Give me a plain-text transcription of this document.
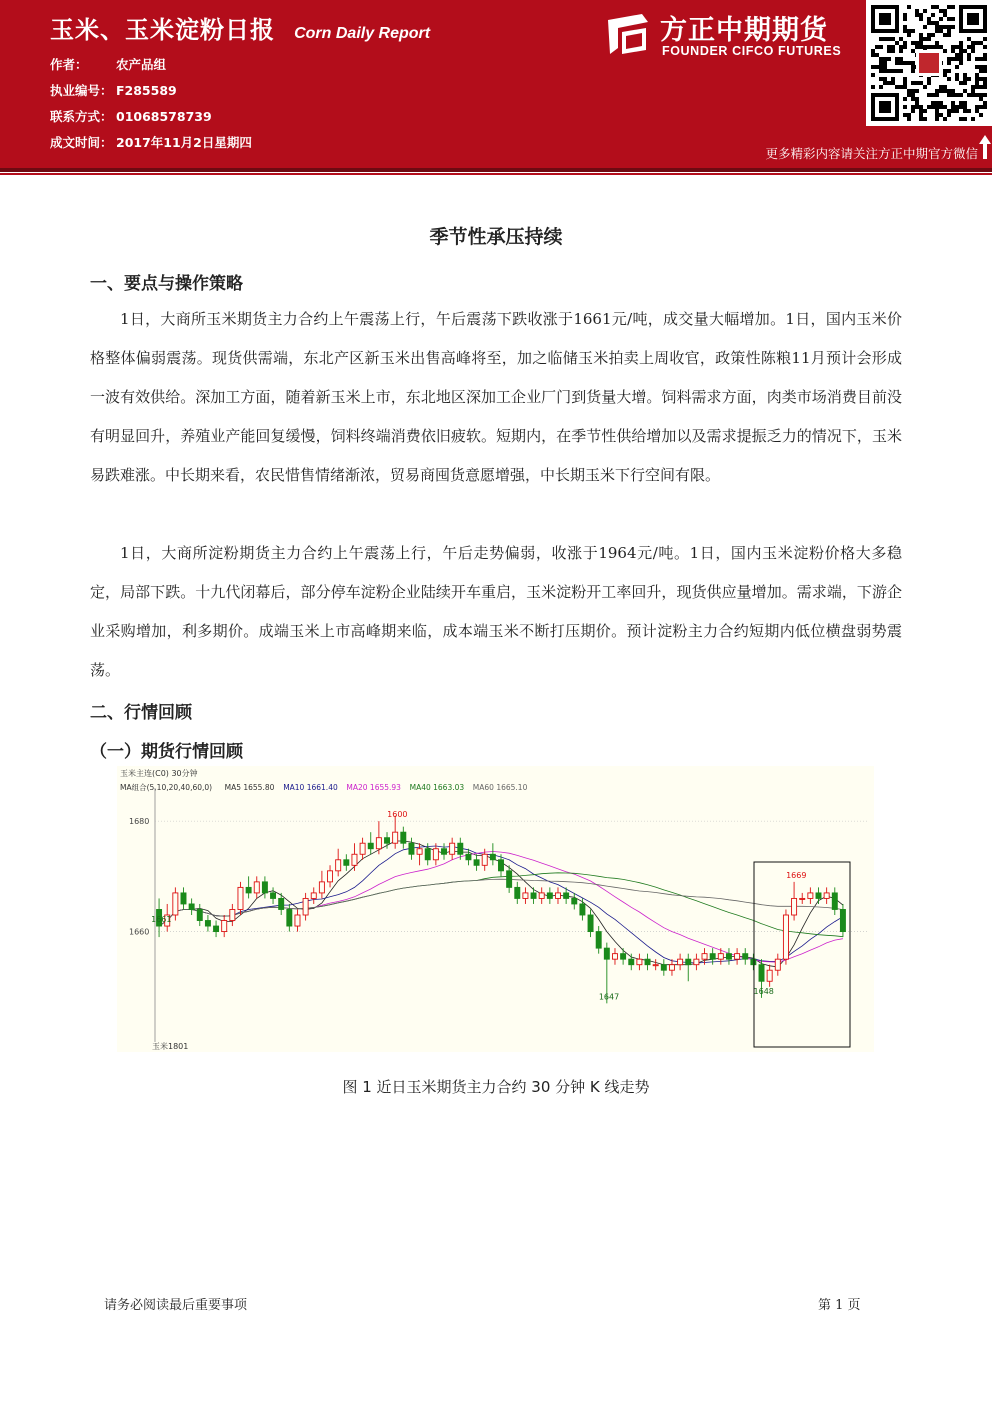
玉米、玉米淀粉日报 Corn Daily Report
作者： 农产品组
执业编号： F285589
联系方式： 01068578739
成文时间： 2017年11月2日星期四
方正中期期货
FOUNDER CIFCO FUTURES
更多精彩内容请关注方正中期官方微信
季节性承压持续
一、要点与操作策略
1日，大商所玉米期货主力合约上午震荡上行，午后震荡下跌收涨于1661元/吨，成交量大幅增加。1日，国内玉米价格整体偏弱震荡。现货供需端，东北产区新玉米出售高峰将至，加之临储玉米拍卖上周收官，政策性陈粮11月预计会形成一波有效供给。深加工方面，随着新玉米上市，东北地区深加工企业厂门到货量大增。饲料需求方面，肉类市场消费目前没有明显回升，养殖业产能回复缓慢，饲料终端消费依旧疲软。短期内，在季节性供给增加以及需求提振乏力的情况下，玉米易跌难涨。中长期来看，农民惜售情绪渐浓，贸易商囤货意愿增强，中长期玉米下行空间有限。
1日，大商所淀粉期货主力合约上午震荡上行，午后走势偏弱，收涨于1964元/吨。1日，国内玉米淀粉价格大多稳定，局部下跌。十九代闭幕后，部分停车淀粉企业陆续开车重启，玉米淀粉开工率回升，现货供应量增加。需求端，下游企业采购增加，利多期价。成端玉米上市高峰期来临，成本端玉米不断打压期价。预计淀粉主力合约短期内低位横盘弱势震荡。
二、行情回顾
（一）期货行情回顾
玉米主连(C0) 30分钟
MA组合(5,10,20,40,60,0) MA5 1655.80 MA10 1661.40 MA20 1655.93 MA40 1663.03 MA60 1665.10
1680
1660
1661
1600
1647
1669
1648
玉米1801
图 1 近日玉米期货主力合约 30 分钟 K 线走势
请务必阅读最后重要事项	第 1 页
